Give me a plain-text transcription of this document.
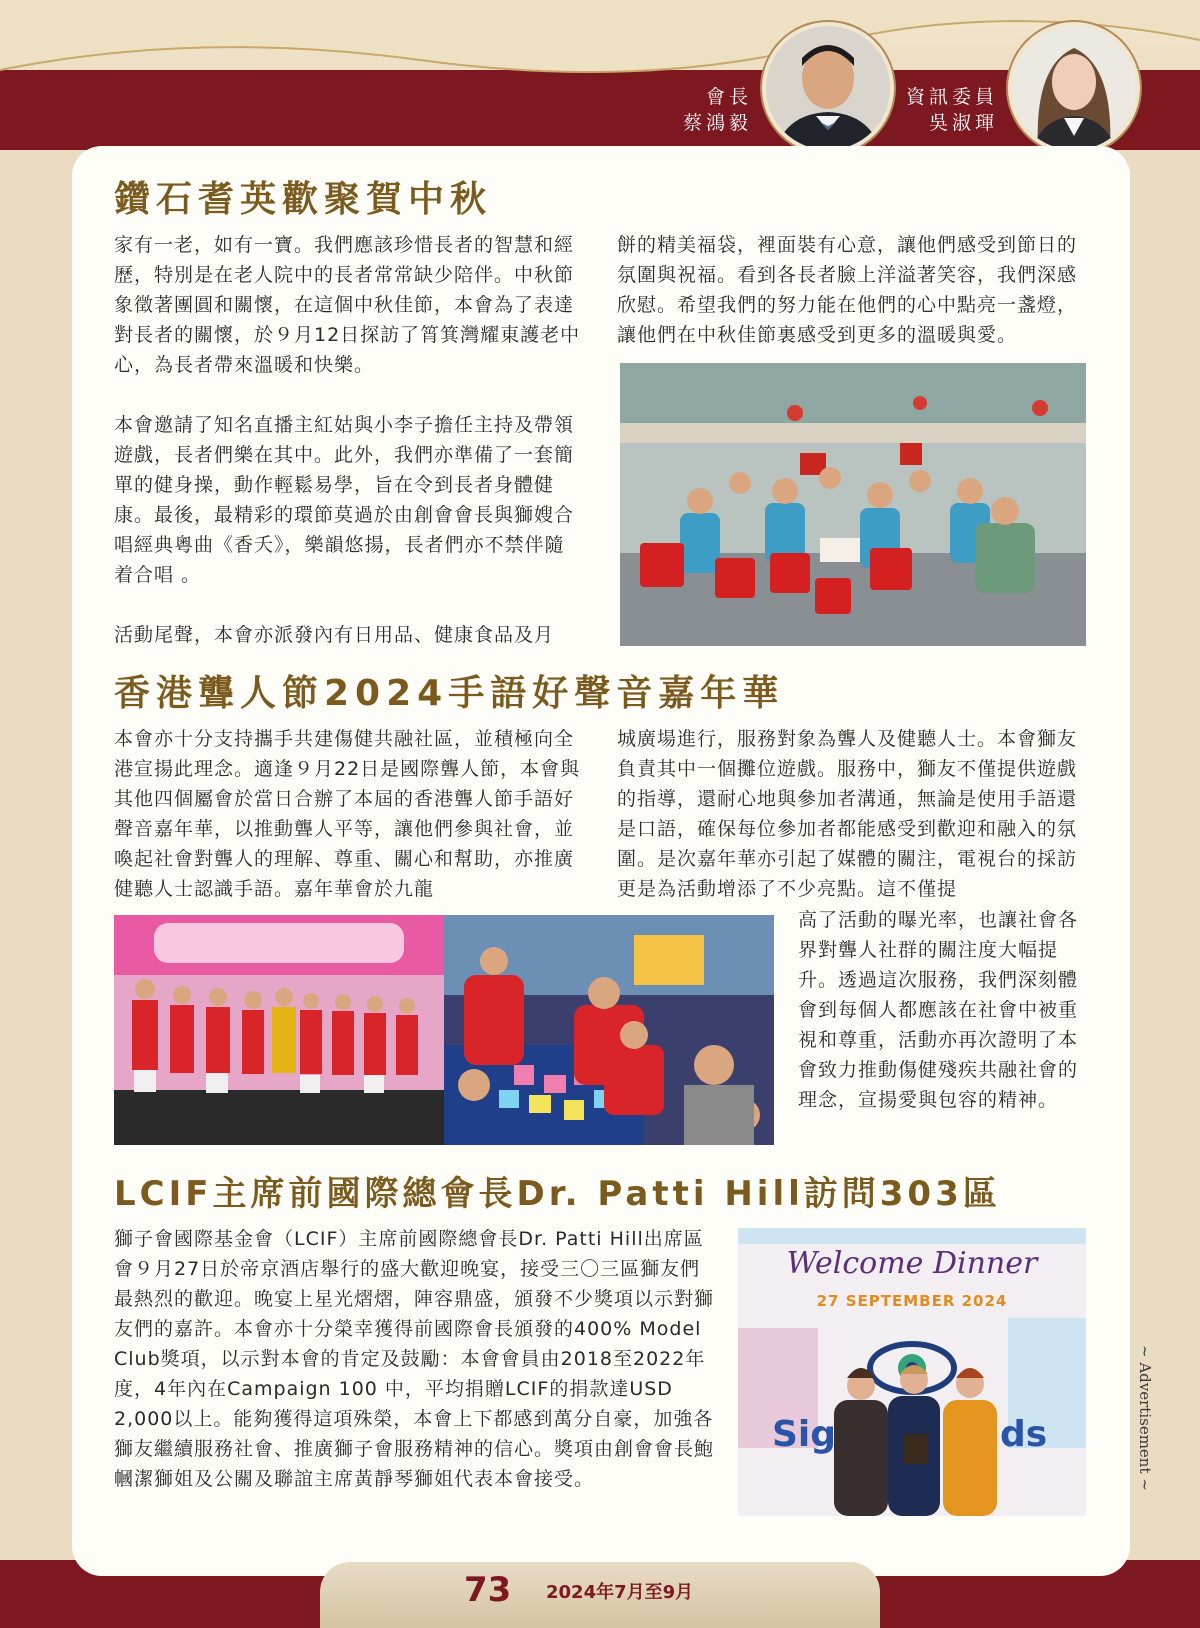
會長
蔡鴻毅
資訊委員
吳淑琿
鑽石耆英歡聚賀中秋

家有一老，如有一寶。我們應該珍惜長者的智慧和經歷，特別是在老人院中的長者常常缺少陪伴。中秋節象徵著團圓和關懷，在這個中秋佳節，本會為了表達對長者的關懷，於９月12日探訪了筲箕灣耀東護老中心，為長者帶來溫暖和快樂。

本會邀請了知名直播主紅姑與小李子擔任主持及帶領遊戲，長者們樂在其中。此外，我們亦準備了一套簡單的健身操，動作輕鬆易學，旨在令到長者身體健康。最後，最精彩的環節莫過於由創會會長與獅嫂合唱經典粵曲《香夭》，樂韻悠揚，長者們亦不禁伴隨着合唱 。

活動尾聲，本會亦派發內有日用品、健康食品及月

餅的精美福袋，裡面裝有心意，讓他們感受到節日的氛圍與祝福。看到各長者臉上洋溢著笑容，我們深感欣慰。希望我們的努力能在他們的心中點亮一盞燈，讓他們在中秋佳節裏感受到更多的溫暖與愛。

香港聾人節2024手語好聲音嘉年華

本會亦十分支持攜手共建傷健共融社區，並積極向全港宣揚此理念。適逢９月22日是國際聾人節，本會與其他四個屬會於當日合辦了本屆的香港聾人節手語好聲音嘉年華，以推動聾人平等，讓他們參與社會，並喚起社會對聾人的理解、尊重、關心和幫助，亦推廣健聽人士認識手語。嘉年華會於九龍

城廣場進行，服務對象為聾人及健聽人士。本會獅友負責其中一個攤位遊戲。服務中，獅友不僅提供遊戲的指導，還耐心地與參加者溝通，無論是使用手語還是口語，確保每位參加者都能感受到歡迎和融入的氛圍。是次嘉年華亦引起了媒體的關注，電視台的採訪更是為活動增添了不少亮點。這不僅提

高了活動的曝光率，也讓社會各界對聾人社群的關注度大幅提升。透過這次服務，我們深刻體會到每個人都應該在社會中被重視和尊重，活動亦再次證明了本會致力推動傷健殘疾共融社會的理念，宣揚愛與包容的精神。

LCIF主席前國際總會長Dr. Patti Hill訪問303區

獅子會國際基金會（LCIF）主席前國際總會長Dr. Patti Hill出席區會９月27日於帝京酒店舉行的盛大歡迎晚宴，接受三〇三區獅友們最熱烈的歡迎。晚宴上星光熠熠，陣容鼎盛，頒發不少獎項以示對獅友們的嘉許。本會亦十分榮幸獲得前國際會長頒發的400% Model Club獎項，以示對本會的肯定及鼓勵：本會會員由2018至2022年度，4年內在Campaign 100 中，平均捐贈LCIF的捐款達USD 2,000以上。能夠獲得這項殊榮，本會上下都感到萬分自豪，加強各獅友繼續服務社會、推廣獅子會服務精神的信心。獎項由創會會長鮑幗潔獅姐及公關及聯誼主席黃靜琴獅姐代表本會接受。

Welcome Dinner
27 SEPTEMBER 2024
Sig	ds	~ Advertisement ~
73 2024年7月至9月
